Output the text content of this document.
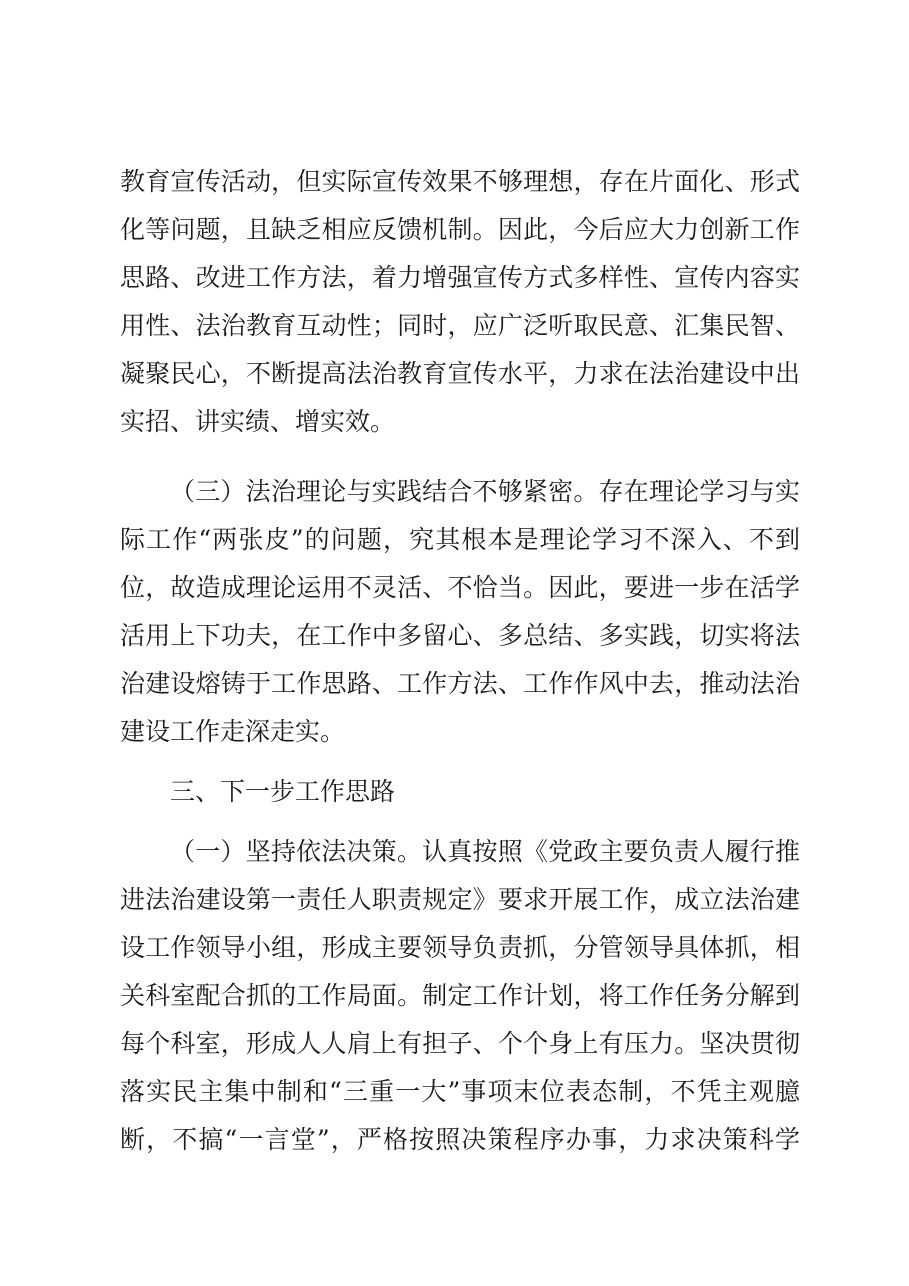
教育宣传活动，但实际宣传效果不够理想，存在片面化、形式
化等问题，且缺乏相应反馈机制。因此，今后应大力创新工作
思路、改进工作方法，着力增强宣传方式多样性、宣传内容实
用性、法治教育互动性；同时，应广泛听取民意、汇集民智、
凝聚民心，不断提高法治教育宣传水平，力求在法治建设中出
实招、讲实绩、增实效。
（三）法治理论与实践结合不够紧密。存在理论学习与实
际工作“两张皮”的问题，究其根本是理论学习不深入、不到
位，故造成理论运用不灵活、不恰当。因此，要进一步在活学
活用上下功夫，在工作中多留心、多总结、多实践，切实将法
治建设熔铸于工作思路、工作方法、工作作风中去，推动法治
建设工作走深走实。
三、下一步工作思路
（一）坚持依法决策。认真按照《党政主要负责人履行推
进法治建设第一责任人职责规定》要求开展工作，成立法治建
设工作领导小组，形成主要领导负责抓，分管领导具体抓，相
关科室配合抓的工作局面。制定工作计划，将工作任务分解到
每个科室，形成人人肩上有担子、个个身上有压力。坚决贯彻
落实民主集中制和“三重一大”事项末位表态制，不凭主观臆
断，不搞“一言堂”，严格按照决策程序办事，力求决策科学
